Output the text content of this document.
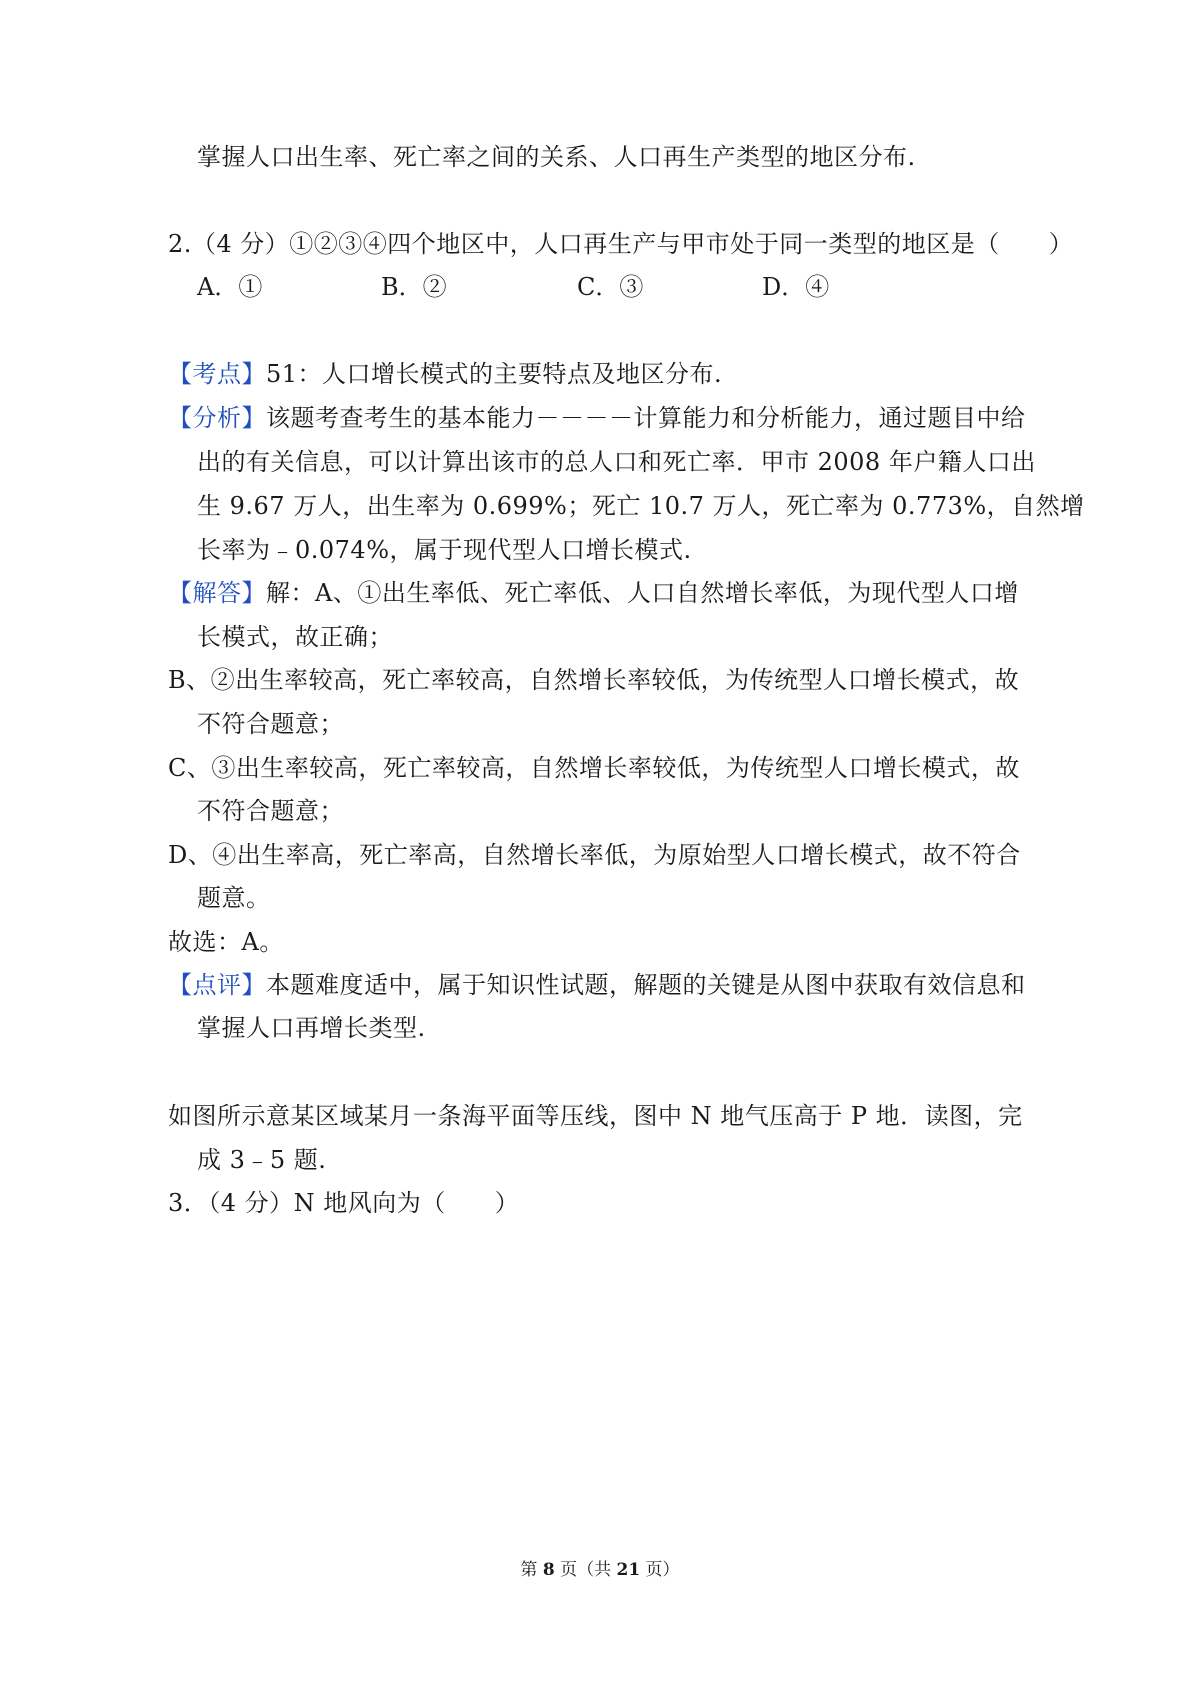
掌握人口出生率、死亡率之间的关系、人口再生产类型的地区分布.
2.（4 分）①②③④四个地区中，人口再生产与甲市处于同一类型的地区是（　　）
A．①	B．②	C．③	D．④
【考点】51：人口增长模式的主要特点及地区分布.
【分析】该题考查考生的基本能力－－－－计算能力和分析能力，通过题目中给
出的有关信息，可以计算出该市的总人口和死亡率．甲市 2008 年户籍人口出
生 9.67 万人，出生率为 0.699%；死亡 10.7 万人，死亡率为 0.773%，自然增
长率为﹣0.074%，属于现代型人口增长模式.
【解答】解：A、①出生率低、死亡率低、人口自然增长率低，为现代型人口增
长模式，故正确；
B、②出生率较高，死亡率较高，自然增长率较低，为传统型人口增长模式，故
不符合题意；
C、③出生率较高，死亡率较高，自然增长率较低，为传统型人口增长模式，故
不符合题意；
D、④出生率高，死亡率高，自然增长率低，为原始型人口增长模式，故不符合
题意。
故选：A。
【点评】本题难度适中，属于知识性试题，解题的关键是从图中获取有效信息和
掌握人口再增长类型.
如图所示意某区域某月一条海平面等压线，图中 N 地气压高于 P 地．读图，完
成 3﹣5 题.
3．（4 分）N 地风向为（　　）
第 8 页（共 21 页）
